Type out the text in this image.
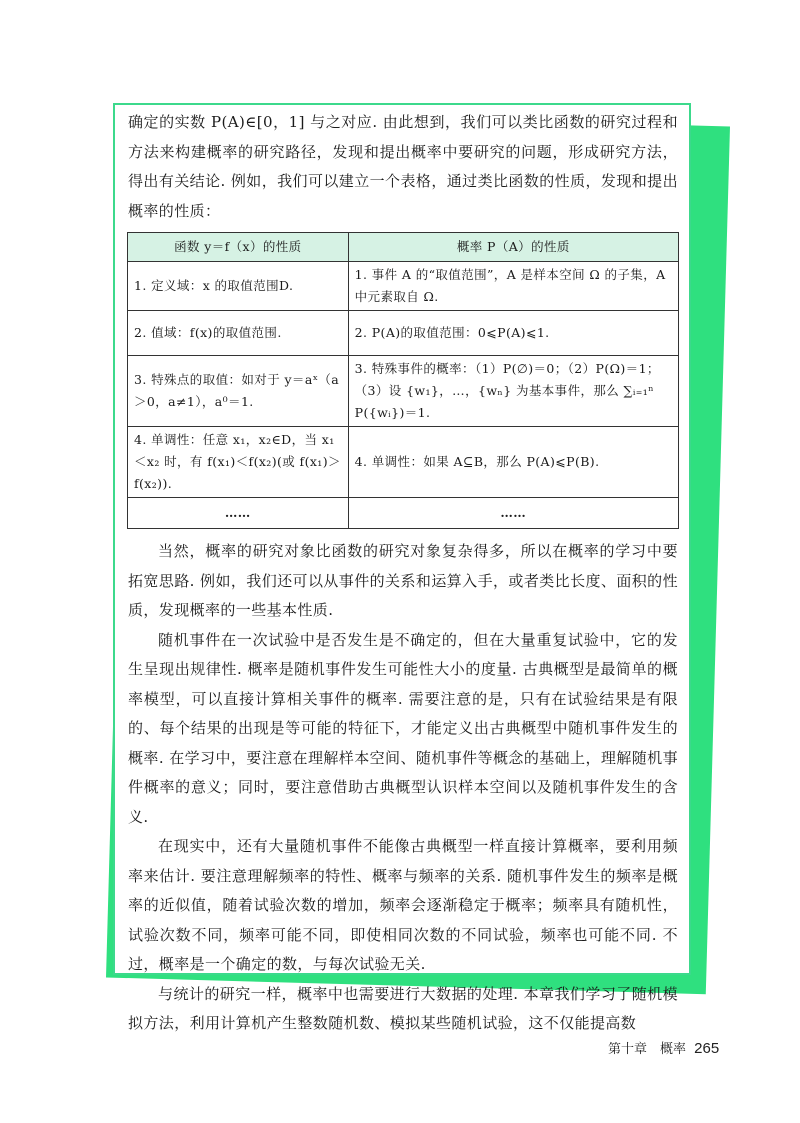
确定的实数 P(A)∈[0，1] 与之对应. 由此想到，我们可以类比函数的研究过程和方法来构建概率的研究路径，发现和提出概率中要研究的问题，形成研究方法，得出有关结论. 例如，我们可以建立一个表格，通过类比函数的性质，发现和提出概率的性质：

函数 y＝f（x）的性质	概率 P（A）的性质
1. 定义域：x 的取值范围D.	1. 事件 A 的“取值范围”，A 是样本空间 Ω 的子集，A 中元素取自 Ω.
2. 值域：f(x)的取值范围.	2. P(A)的取值范围：0⩽P(A)⩽1.
3. 特殊点的取值：如对于 y＝aˣ（a＞0，a≠1），a⁰＝1.	3. 特殊事件的概率：（1）P(∅)＝0；（2）P(Ω)＝1；（3）设 {w₁}，…，{wₙ} 为基本事件，那么 ∑ᵢ₌₁ⁿ P({wᵢ})＝1.
4. 单调性：任意 x₁，x₂∈D，当 x₁＜x₂ 时，有 f(x₁)＜f(x₂)(或 f(x₁)＞f(x₂)).	4. 单调性：如果 A⊆B，那么 P(A)⩽P(B).
……	……

当然，概率的研究对象比函数的研究对象复杂得多，所以在概率的学习中要拓宽思路. 例如，我们还可以从事件的关系和运算入手，或者类比长度、面积的性质，发现概率的一些基本性质.

随机事件在一次试验中是否发生是不确定的，但在大量重复试验中，它的发生呈现出规律性. 概率是随机事件发生可能性大小的度量. 古典概型是最简单的概率模型，可以直接计算相关事件的概率. 需要注意的是，只有在试验结果是有限的、每个结果的出现是等可能的特征下，才能定义出古典概型中随机事件发生的概率. 在学习中，要注意在理解样本空间、随机事件等概念的基础上，理解随机事件概率的意义；同时，要注意借助古典概型认识样本空间以及随机事件发生的含义.

在现实中，还有大量随机事件不能像古典概型一样直接计算概率，要利用频率来估计. 要注意理解频率的特性、概率与频率的关系. 随机事件发生的频率是概率的近似值，随着试验次数的增加，频率会逐渐稳定于概率；频率具有随机性，试验次数不同，频率可能不同，即使相同次数的不同试验，频率也可能不同. 不过，概率是一个确定的数，与每次试验无关.

与统计的研究一样，概率中也需要进行大数据的处理. 本章我们学习了随机模拟方法，利用计算机产生整数随机数、模拟某些随机试验，这不仅能提高数

第十章　概率 265
